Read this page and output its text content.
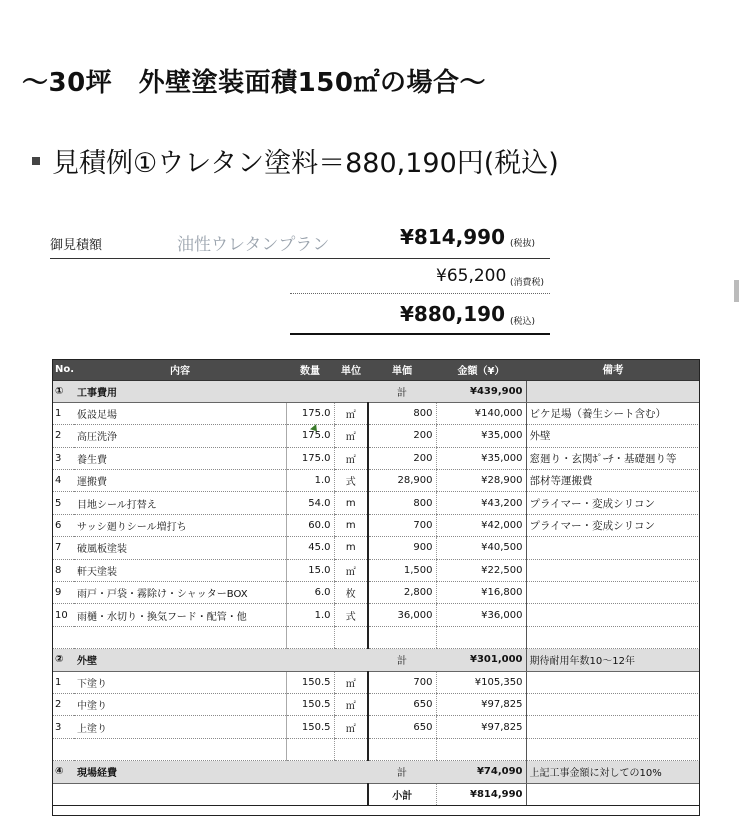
〜30坪　外壁塗装面積150㎡の場合〜
見積例①ウレタン塗料＝880,190円(税込)
御見積額	油性ウレタンプラン	¥814,990 (税抜)
¥65,200 (消費税)
¥880,190 (税込)
No.	内容	数量	単位	単価	金額（¥）	備考
①	工事費用			計	¥439,900	
1	仮設足場	175.0	㎡	800	¥140,000	ビケ足場（養生シート含む）
2	高圧洗浄	175.0	㎡	200	¥35,000	外壁
3	養生費	175.0	㎡	200	¥35,000	窓廻り・玄関ﾎﾟｰﾁ・基礎廻り等
4	運搬費	1.0	式	28,900	¥28,900	部材等運搬費
5	目地シール打替え	54.0	m	800	¥43,200	プライマー・変成シリコン
6	サッシ廻りシール増打ち	60.0	m	700	¥42,000	プライマー・変成シリコン
7	破風板塗装	45.0	m	900	¥40,500	
8	軒天塗装	15.0	㎡	1,500	¥22,500	
9	雨戸・戸袋・霧除け・シャッターBOX	6.0	枚	2,800	¥16,800	
10	雨樋・水切り・換気フード・配管・他	1.0	式	36,000	¥36,000	

②	外壁			計	¥301,000	期待耐用年数10〜12年
1	下塗り	150.5	㎡	700	¥105,350	
2	中塗り	150.5	㎡	650	¥97,825	
3	上塗り	150.5	㎡	650	¥97,825	

④	現場経費			計	¥74,090	上記工事金額に対しての10%
				小計	¥814,990	
